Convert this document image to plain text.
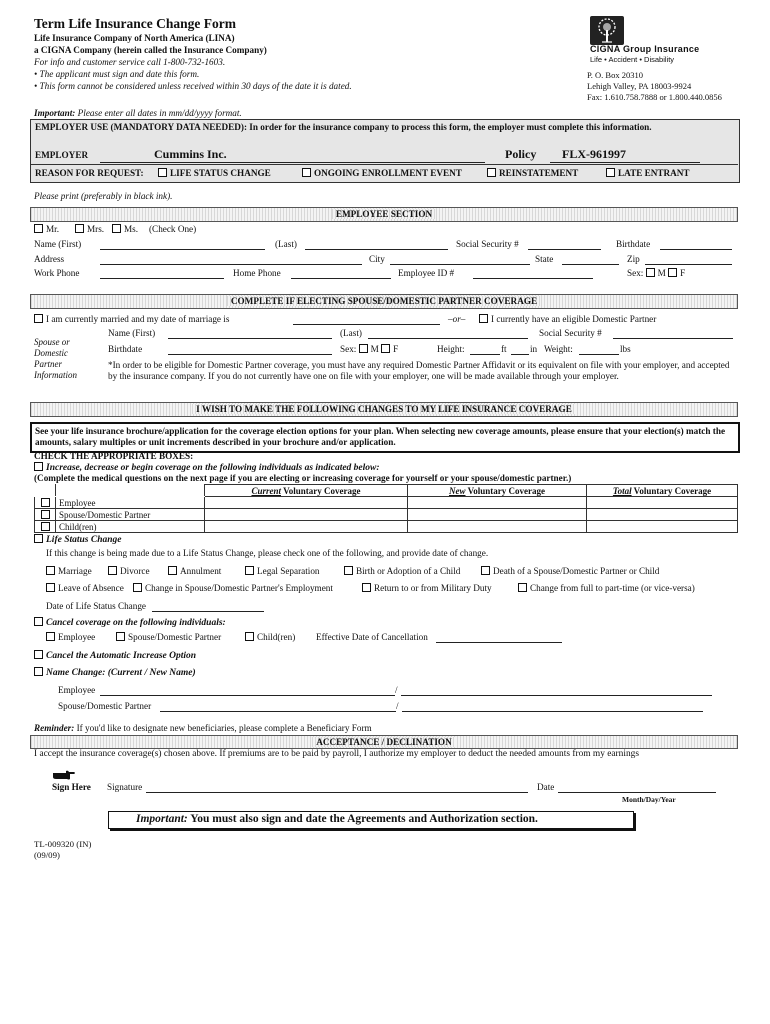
Term Life Insurance Change Form
Life Insurance Company of North America (LINA)
a CIGNA Company (herein called the Insurance Company)
For info and customer service call 1-800-732-1603.
• The applicant must sign and date this form.
• This form cannot be considered unless received within 30 days of the date it is dated.
CIGNA Group Insurance
Life • Accident • Disability
P. O. Box 20310
Lehigh Valley, PA 18003-9924
Fax: 1.610.758.7888 or 1.800.440.0856
Important: Please enter all dates in mm/dd/yyyy format.
EMPLOYER USE (MANDATORY DATA NEEDED): In order for the insurance company to process this form, the employer must complete this information.
EMPLOYER	Cummins Inc.	Policy FLX-961997
REASON FOR REQUEST:	LIFE STATUS CHANGE	ONGOING ENROLLMENT EVENT	REINSTATEMENT	LATE ENTRANT
Please print (preferably in black ink).
EMPLOYEE SECTION
Mr.	Mrs.	Ms. (Check One)
Name (First)	(Last)	Social Security #	Birthdate
Address	City	State	Zip
Work Phone	Home Phone	Employee ID #	Sex: M F
COMPLETE IF ELECTING SPOUSE/DOMESTIC PARTNER COVERAGE
I am currently married and my date of marriage is	–or–	I currently have an eligible Domestic Partner
Spouse or Domestic Partner Information
Name (First)	(Last)	Social Security #
Birthdate	Sex: M F	Height:	ft	in Weight:	lbs
*In order to be eligible for Domestic Partner coverage, you must have any required Domestic Partner Affidavit or its equivalent on file with your employer, and accepted by the insurance company. If you do not currently have one on file with your employer, one will be made available through your employer.
I WISH TO MAKE THE FOLLOWING CHANGES TO MY LIFE INSURANCE COVERAGE
See your life insurance brochure/application for the coverage election options for your plan. When selecting new coverage amounts, please ensure that your election(s) match the amounts, salary multiples or unit increments described in your brochure and/or application.
CHECK THE APPROPRIATE BOXES:
Increase, decrease or begin coverage on the following individuals as indicated below:
(Complete the medical questions on the next page if you are electing or increasing coverage for yourself or your spouse/domestic partner.)
		Current Voluntary Coverage	New Voluntary Coverage	Total Voluntary Coverage
	Employee			
	Spouse/Domestic Partner			
	Child(ren)			
Life Status Change
If this change is being made due to a Life Status Change, please check one of the following, and provide date of change.
Marriage	Divorce	Annulment	Legal Separation	Birth or Adoption of a Child	Death of a Spouse/Domestic Partner or Child
Leave of Absence	Change in Spouse/Domestic Partner's Employment	Return to or from Military Duty	Change from full to part-time (or vice-versa)
Date of Life Status Change
Cancel coverage on the following individuals:
Employee	Spouse/Domestic Partner	Child(ren) Effective Date of Cancellation
Cancel the Automatic Increase Option
Name Change: (Current / New Name)
Employee	/
Spouse/Domestic Partner	/
Reminder: If you'd like to designate new beneficiaries, please complete a Beneficiary Form
ACCEPTANCE / DECLINATION
I accept the insurance coverage(s) chosen above. If premiums are to be paid by payroll, I authorize my employer to deduct the needed amounts from my earnings
Sign Here Signature	Date
Month/Day/Year
Important: You must also sign and date the Agreements and Authorization section.
TL-009320 (IN)
(09/09)
